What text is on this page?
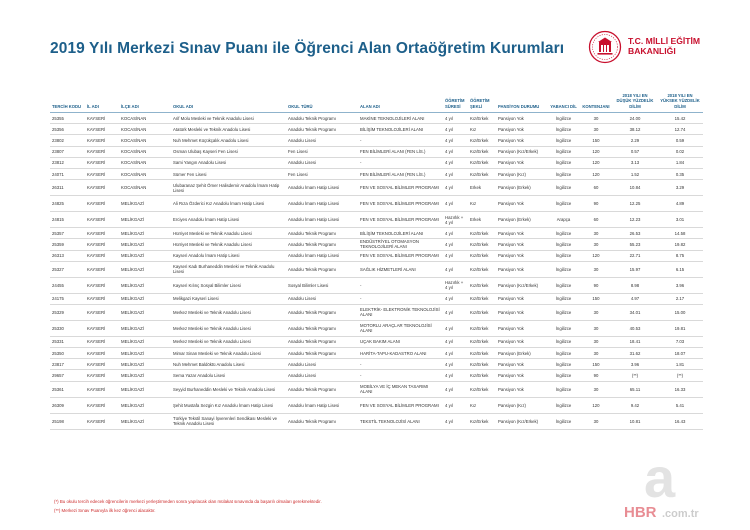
2019 Yılı Merkezi Sınav Puanı ile Öğrenci Alan Ortaöğretim Kurumları	T.C. MİLLİ EĞİTİM
BAKANLIĞI
TERCİH KODU	İL ADI	İLÇE ADI	OKUL ADI	OKUL TÜRÜ	ALAN ADI	ÖĞRETİM SÜRESİ	ÖĞRETİM ŞEKLİ	PANSİYON DURUMU	YABANCI DİL	KONTENJANI	2018 YILI EN DÜŞÜK YÜZDELİK DİLİM	2018 YILI EN YÜKSEK YÜZDELİK DİLİM
25355	KAYSERİ	KOCASİNAN	Arif Molu Mesleki ve Teknik Anadolu Lisesi	Anadolu Teknik Programı	MAKİNE TEKNOLOJİLERİ ALANI	4 yıl	Kız/Erkek	Pansiyon Yok	İngilizce	30	24.00	15.42
25356	KAYSERİ	KOCASİNAN	Atatürk Mesleki ve Teknik Anadolu Lisesi	Anadolu Teknik Programı	BİLİŞİM TEKNOLOJİLERİ ALANI	4 yıl	Kız	Pansiyon Yok	İngilizce	30	38.12	12.74
23802	KAYSERİ	KOCASİNAN	Nuh Mehmet Küçükçalık Anadolu Lisesi	Anadolu Lisesi	-	4 yıl	Kız/Erkek	Pansiyon Yok	İngilizce	150	2.29	0.59
23807	KAYSERİ	KOCASİNAN	Osman Ulubaş Kayseri Fen Lisesi	Fen Lisesi	FEN BİLİMLERİ ALANI (FEN LİS.)	4 yıl	Kız/Erkek	Pansiyon (Kız/Erkek)	İngilizce	120	0.57	0.02
23812	KAYSERİ	KOCASİNAN	Sami Yangın Anadolu Lisesi	Anadolu Lisesi	-	4 yıl	Kız/Erkek	Pansiyon Yok	İngilizce	120	3.13	1.84
24071	KAYSERİ	KOCASİNAN	Sümer Fen Lisesi	Fen Lisesi	FEN BİLİMLERİ ALANI (FEN LİS.)	4 yıl	Kız/Erkek	Pansiyon (Kız)	İngilizce	120	1.52	0.35
26311	KAYSERİ	KOCASİNAN	Ulubaranaz Şehit Ömer Halisdemir Anadolu İmam Hatip Lisesi	Anadolu İmam Hatip Lisesi	FEN VE SOSYAL BİLİMLER PROGRAMI	4 yıl	Erkek	Pansiyon (Erkek)	İngilizce	60	10.84	3.29
24825	KAYSERİ	MELİKGAZİ	Ali Rıza Özderici Kız Anadolu İmam Hatip Lisesi	Anadolu İmam Hatip Lisesi	FEN VE SOSYAL BİLİMLER PROGRAMI	4 yıl	Kız	Pansiyon Yok	İngilizce	90	12.25	4.89
24815	KAYSERİ	MELİKGAZİ	Erciyes Anadolu İmam Hatip Lisesi	Anadolu İmam Hatip Lisesi	FEN VE SOSYAL BİLİMLER PROGRAMI	Hazırlık + 4 yıl	Erkek	Pansiyon (Erkek)	Arapça	60	12.23	3.01
25357	KAYSERİ	MELİKGAZİ	Hürriyet Mesleki ve Teknik Anadolu Lisesi	Anadolu Teknik Programı	BİLİŞİM TEKNOLOJİLERİ ALANI	4 yıl	Kız/Erkek	Pansiyon Yok	İngilizce	30	26.53	14.58
25359	KAYSERİ	MELİKGAZİ	Hürriyet Mesleki ve Teknik Anadolu Lisesi	Anadolu Teknik Programı	ENDÜSTRİYEL OTOMASYON TEKNOLOJİLERİ ALANI	4 yıl	Kız/Erkek	Pansiyon Yok	İngilizce	30	55.23	19.82
26313	KAYSERİ	MELİKGAZİ	Kayseri Anadolu İmam Hatip Lisesi	Anadolu İmam Hatip Lisesi	FEN VE SOSYAL BİLİMLER PROGRAMI	4 yıl	Kız/Erkek	Pansiyon Yok	İngilizce	120	22.71	8.75
25327	KAYSERİ	MELİKGAZİ	Kayseri Kadı Burhaneddin Mesleki ve Teknik Anadolu Lisesi	Anadolu Teknik Programı	SAĞLIK HİZMETLERİ ALANI	4 yıl	Kız/Erkek	Pansiyon Yok	İngilizce	30	15.97	6.15
24455	KAYSERİ	MELİKGAZİ	Kayseri Kılınç Sosyal Bilimler Lisesi	Sosyal Bilimler Lisesi	-	Hazırlık + 4 yıl	Kız/Erkek	Pansiyon (Kız/Erkek)	İngilizce	90	8.98	3.96
24175	KAYSERİ	MELİKGAZİ	Melikgazi Kayseri Lisesi	Anadolu Lisesi	-	4 yıl	Kız/Erkek	Pansiyon Yok	İngilizce	150	4.97	2.17
25329	KAYSERİ	MELİKGAZİ	Merkez Mesleki ve Teknik Anadolu Lisesi	Anadolu Teknik Programı	ELEKTRİK- ELEKTRONİK TEKNOLOJİSİ ALANI	4 yıl	Kız/Erkek	Pansiyon Yok	İngilizce	30	34.01	15.00
25330	KAYSERİ	MELİKGAZİ	Merkez Mesleki ve Teknik Anadolu Lisesi	Anadolu Teknik Programı	MOTORLU ARAÇLAR TEKNOLOJİSİ ALANI	4 yıl	Kız/Erkek	Pansiyon Yok	İngilizce	30	40.53	19.81
25331	KAYSERİ	MELİKGAZİ	Merkez Mesleki ve Teknik Anadolu Lisesi	Anadolu Teknik Programı	UÇAK BAKIM ALANI	4 yıl	Kız/Erkek	Pansiyon Yok	İngilizce	30	18.41	7.03
25350	KAYSERİ	MELİKGAZİ	Mimar Sinan Mesleki ve Teknik Anadolu Lisesi	Anadolu Teknik Programı	HARİTA-TAPU-KADASTRO ALANI	4 yıl	Kız/Erkek	Pansiyon (Erkek)	İngilizce	30	31.62	18.07
23817	KAYSERİ	MELİKGAZİ	Nuh Mehmet Baldöktü Anadolu Lisesi	Anadolu Lisesi	-	4 yıl	Kız/Erkek	Pansiyon Yok	İngilizce	150	3.96	1.81
29657	KAYSERİ	MELİKGAZİ	Sema Yazar Anadolu Lisesi	Anadolu Lisesi	-	4 yıl	Kız/Erkek	Pansiyon Yok	İngilizce	90	(**)	(**)
25361	KAYSERİ	MELİKGAZİ	Seyyid Burhaneddin Mesleki ve Teknik Anadolu Lisesi	Anadolu Teknik Programı	MOBİLYA VE İÇ MEKAN TASARIMI ALANI	4 yıl	Kız/Erkek	Pansiyon Yok	İngilizce	30	65.11	16.33
26309	KAYSERİ	MELİKGAZİ	Şehit Mustafa Sezgin Kız Anadolu İmam Hatip Lisesi	Anadolu İmam Hatip Lisesi	FEN VE SOSYAL BİLİMLER PROGRAMI	4 yıl	Kız	Pansiyon (Kız)	İngilizce	120	9.42	5.41
25198	KAYSERİ	MELİKGAZİ	Türkiye Tekstil Sanayi İşverenleri Sendikası Mesleki ve Teknik Anadolu Lisesi	Anadolu Teknik Programı	TEKSTİL TEKNOLOJİSİ ALANI	4 yıl	Kız/Erkek	Pansiyon (Kız/Erkek)	İngilizce	30	10.81	16.43
(*) Bu okulu tercih edecek öğrencilerin merkezi yerleştirmeden sonra yapılacak olan mülakat sınavında da başarılı olmaları gerekmektedir.
(**) Merkezi Sınav Puanıyla ilk kez öğrenci alacaktır.
a
HBR .com.tr
